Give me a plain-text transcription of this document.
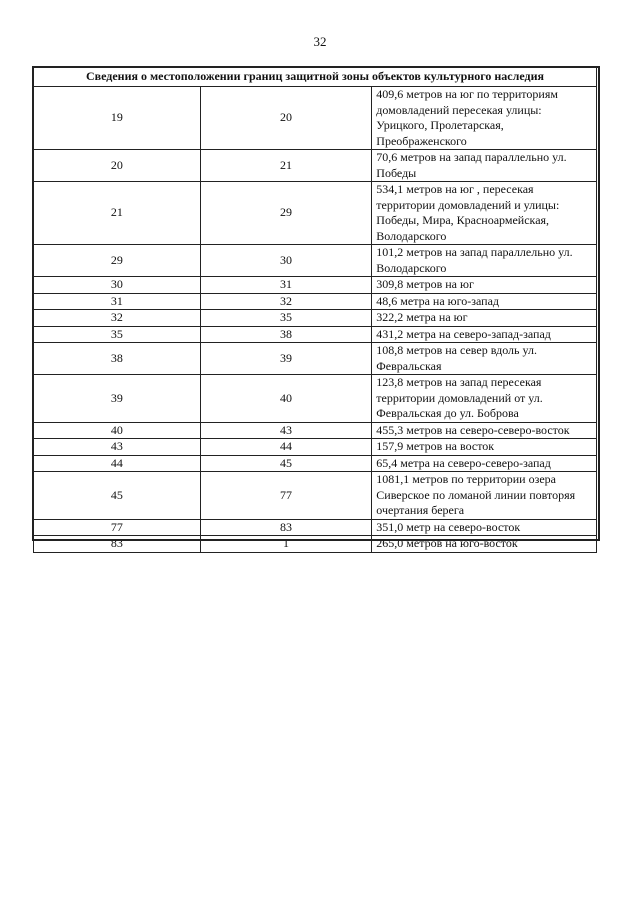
32
Сведения о местоположении границ защитной зоны объектов культурного наследия		
19	20	409,6 метров на юг по территориям домовладений пересекая улицы: Урицкого, Пролетарская, Преображенского
20	21	70,6 метров на запад параллельно ул. Победы
21	29	534,1 метров на юг , пересекая территории домовладений и улицы: Победы, Мира, Красноармейская, Володарского
29	30	101,2 метров на запад параллельно ул. Володарского
30	31	309,8 метров на юг
31	32	48,6 метра на юго-запад
32	35	322,2 метра на юг
35	38	431,2 метра на северо-запад-запад
38	39	108,8 метров на север вдоль ул. Февральская
39	40	123,8 метров на запад пересекая территории домовладений от ул. Февральская до ул. Боброва
40	43	455,3 метров на северо-северо-восток
43	44	157,9 метров на восток
44	45	65,4 метра на северо-северо-запад
45	77	1081,1 метров по территории озера Сиверское по ломаной линии повторяя очертания берега
77	83	351,0 метр на северо-восток
83	1	265,0 метров на юго-восток
